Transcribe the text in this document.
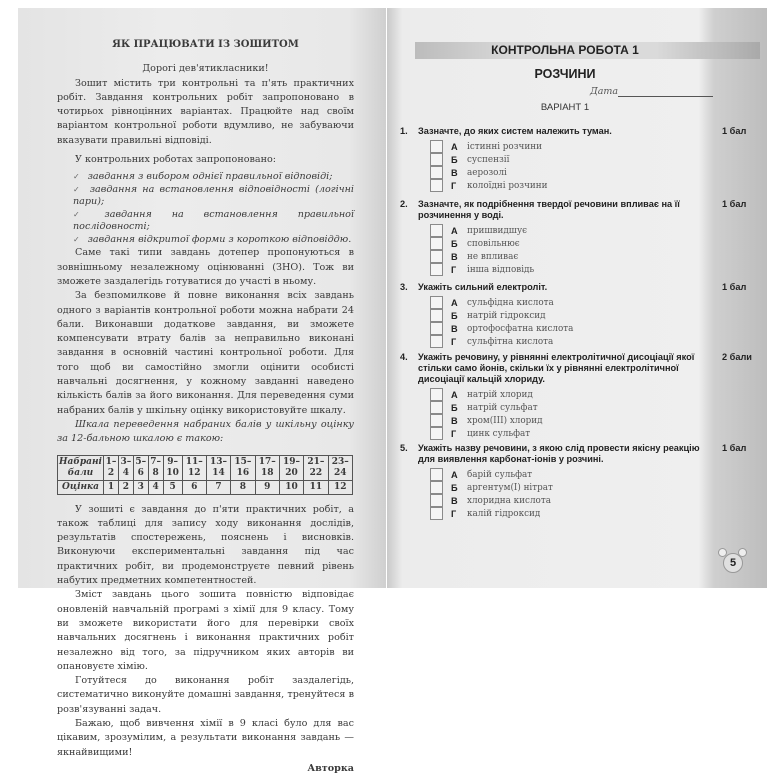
ЯК ПРАЦЮВАТИ ІЗ ЗОШИТОМ
Дорогі дев'ятикласники!
Зошит містить три контрольні та п'ять практичних робіт. Завдання контрольних робіт запропоновано в чотирьох рівноцінних варіантах. Працюйте над своїм варіантом контрольної роботи вдумливо, не забуваючи вказувати правильні відповіді.
У контрольних роботах запропоновано:
✓ завдання з вибором однієї правильної відповіді;
✓ завдання на встановлення відповідності (логічні пари);
✓ завдання на встановлення правильної послідовності;
✓ завдання відкритої форми з короткою відповіддю.
Саме такі типи завдань дотепер пропонуються в зовнішньому незалежному оцінюванні (ЗНО). Тож ви зможете заздалегідь готуватися до участі в ньому.
За безпомилкове й повне виконання всіх завдань одного з варіантів контрольної роботи можна набрати 24 бали. Виконавши додаткове завдання, ви зможете компенсувати втрату балів за неправильно виконані завдання в основній частині контрольної роботи. Для того щоб ви самостійно змогли оцінити особисті навчальні досягнення, у кожному завданні наведено кількість балів за його виконання. Для переведення суми набраних балів у шкільну оцінку використовуйте шкалу.
Шкала переведення набраних балів у шкільну оцінку за 12-бальною шкалою є такою:
Набрані бали	1–2	3–4	5–6	7–8	9–10	11–12	13–14	15–16	17–18	19–20	21–22	23–24
Оцінка	1	2	3	4	5	6	7	8	9	10	11	12
У зошиті є завдання до п'яти практичних робіт, а також таблиці для запису ходу виконання дослідів, результатів спостережень, пояснень і висновків. Виконуючи експериментальні завдання під час практичних робіт, ви продемонструєте певний рівень набутих предметних компетентностей.
Зміст завдань цього зошита повністю відповідає оновленій навчальній програмі з хімії для 9 класу. Тому ви зможете використати його для перевірки своїх навчальних досягнень і виконання практичних робіт незалежно від того, за підручником яких авторів ви опановуєте хімію.
Готуйтеся до виконання робіт заздалегідь, систематично виконуйте домашні завдання, тренуйтеся в розв'язуванні задач.
Бажаю, щоб вивчення хімії в 9 класі було для вас цікавим, зрозумілим, а результати виконання завдань — якнайвищими!
Авторка
КОНТРОЛЬНА РОБОТА 1
РОЗЧИНИ
Дата
ВАРІАНТ 1
1.	Зазначте, до яких систем належить туман.
А	істинні розчини
Б	суспензії
В	аерозолі
Г	колоїдні розчини
1 бал
2.	Зазначте, як подрібнення твердої речовини впливає на її розчинення у воді.
А	пришвидшує
Б	сповільнює
В	не впливає
Г	інша відповідь
1 бал
3.	Укажіть сильний електроліт.
А	сульфідна кислота
Б	натрій гідроксид
В	ортофосфатна кислота
Г	сульфітна кислота
1 бал
4.	Укажіть речовину, у рівнянні електролітичної дисоціації якої стільки само йонів, скільки їх у рівнянні електролітичної дисоціації кальцій хлориду.
А	натрій хлорид
Б	натрій сульфат
В	хром(III) хлорид
Г	цинк сульфат
2 бали
5.	Укажіть назву речовини, з якою слід провести якісну реакцію для виявлення карбонат-іонів у розчині.
А	барій сульфат
Б	аргентум(I) нітрат
В	хлоридна кислота
Г	калій гідроксид
1 бал
5
